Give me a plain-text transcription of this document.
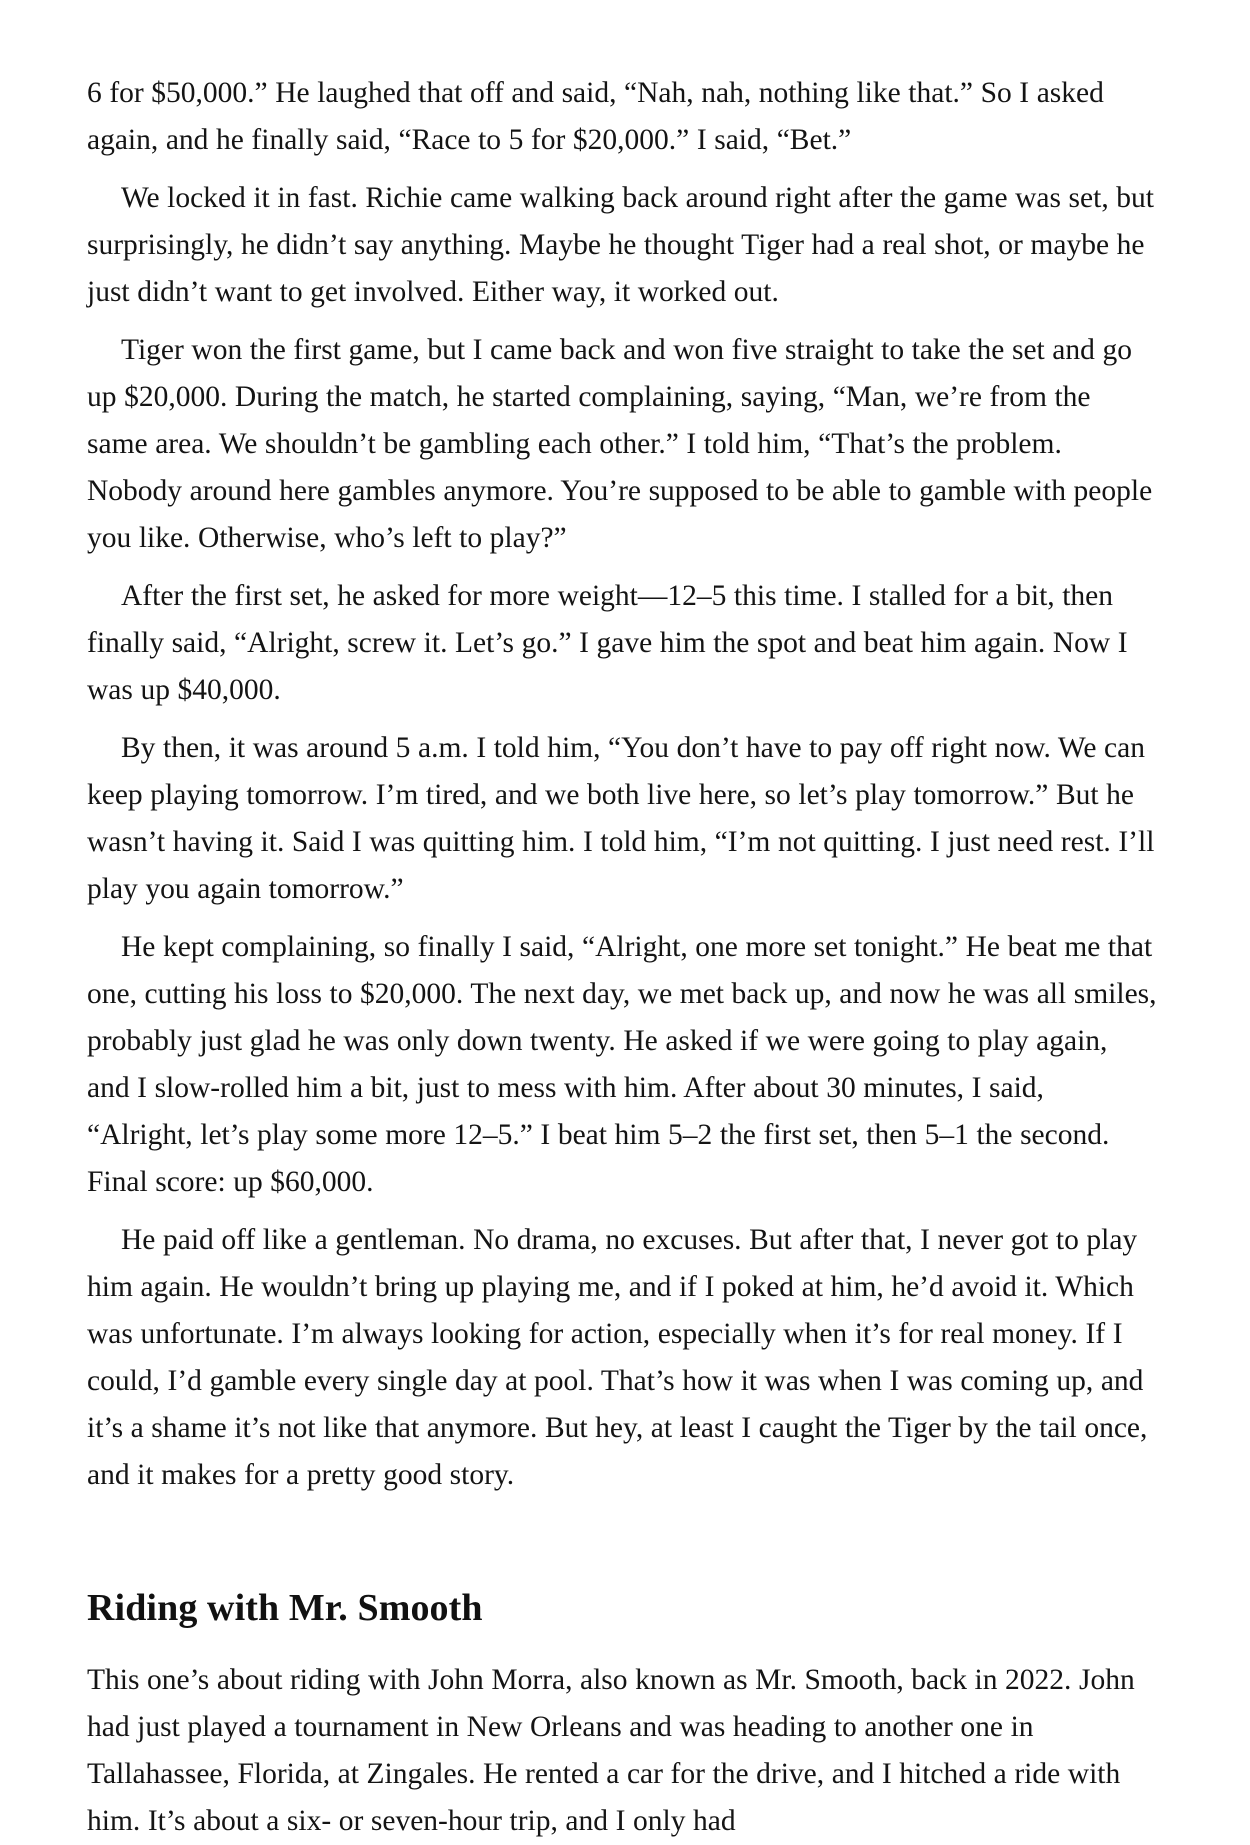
6 for $50,000.” He laughed that off and said, “Nah, nah, nothing like that.” So I asked again, and he finally said, “Race to 5 for $20,000.” I said, “Bet.”

We locked it in fast. Richie came walking back around right after the game was set, but surprisingly, he didn’t say anything. Maybe he thought Tiger had a real shot, or maybe he just didn’t want to get involved. Either way, it worked out.

Tiger won the first game, but I came back and won five straight to take the set and go up $20,000. During the match, he started complaining, saying, “Man, we’re from the same area. We shouldn’t be gambling each other.” I told him, “That’s the problem. Nobody around here gambles anymore. You’re supposed to be able to gamble with people you like. Otherwise, who’s left to play?”

After the first set, he asked for more weight—12–5 this time. I stalled for a bit, then finally said, “Alright, screw it. Let’s go.” I gave him the spot and beat him again. Now I was up $40,000.

By then, it was around 5 a.m. I told him, “You don’t have to pay off right now. We can keep playing tomorrow. I’m tired, and we both live here, so let’s play tomorrow.” But he wasn’t having it. Said I was quitting him. I told him, “I’m not quitting. I just need rest. I’ll play you again tomorrow.”

He kept complaining, so finally I said, “Alright, one more set tonight.” He beat me that one, cutting his loss to $20,000. The next day, we met back up, and now he was all smiles, probably just glad he was only down twenty. He asked if we were going to play again, and I slow-rolled him a bit, just to mess with him. After about 30 minutes, I said, “Alright, let’s play some more 12–5.” I beat him 5–2 the first set, then 5–1 the second. Final score: up $60,000.

He paid off like a gentleman. No drama, no excuses. But after that, I never got to play him again. He wouldn’t bring up playing me, and if I poked at him, he’d avoid it. Which was unfortunate. I’m always looking for action, especially when it’s for real money. If I could, I’d gamble every single day at pool. That’s how it was when I was coming up, and it’s a shame it’s not like that anymore. But hey, at least I caught the Tiger by the tail once, and it makes for a pretty good story.

Riding with Mr. Smooth

This one’s about riding with John Morra, also known as Mr. Smooth, back in 2022. John had just played a tournament in New Orleans and was heading to another one in Tallahassee, Florida, at Zingales. He rented a car for the drive, and I hitched a ride with him. It’s about a six- or seven-hour trip, and I only had
